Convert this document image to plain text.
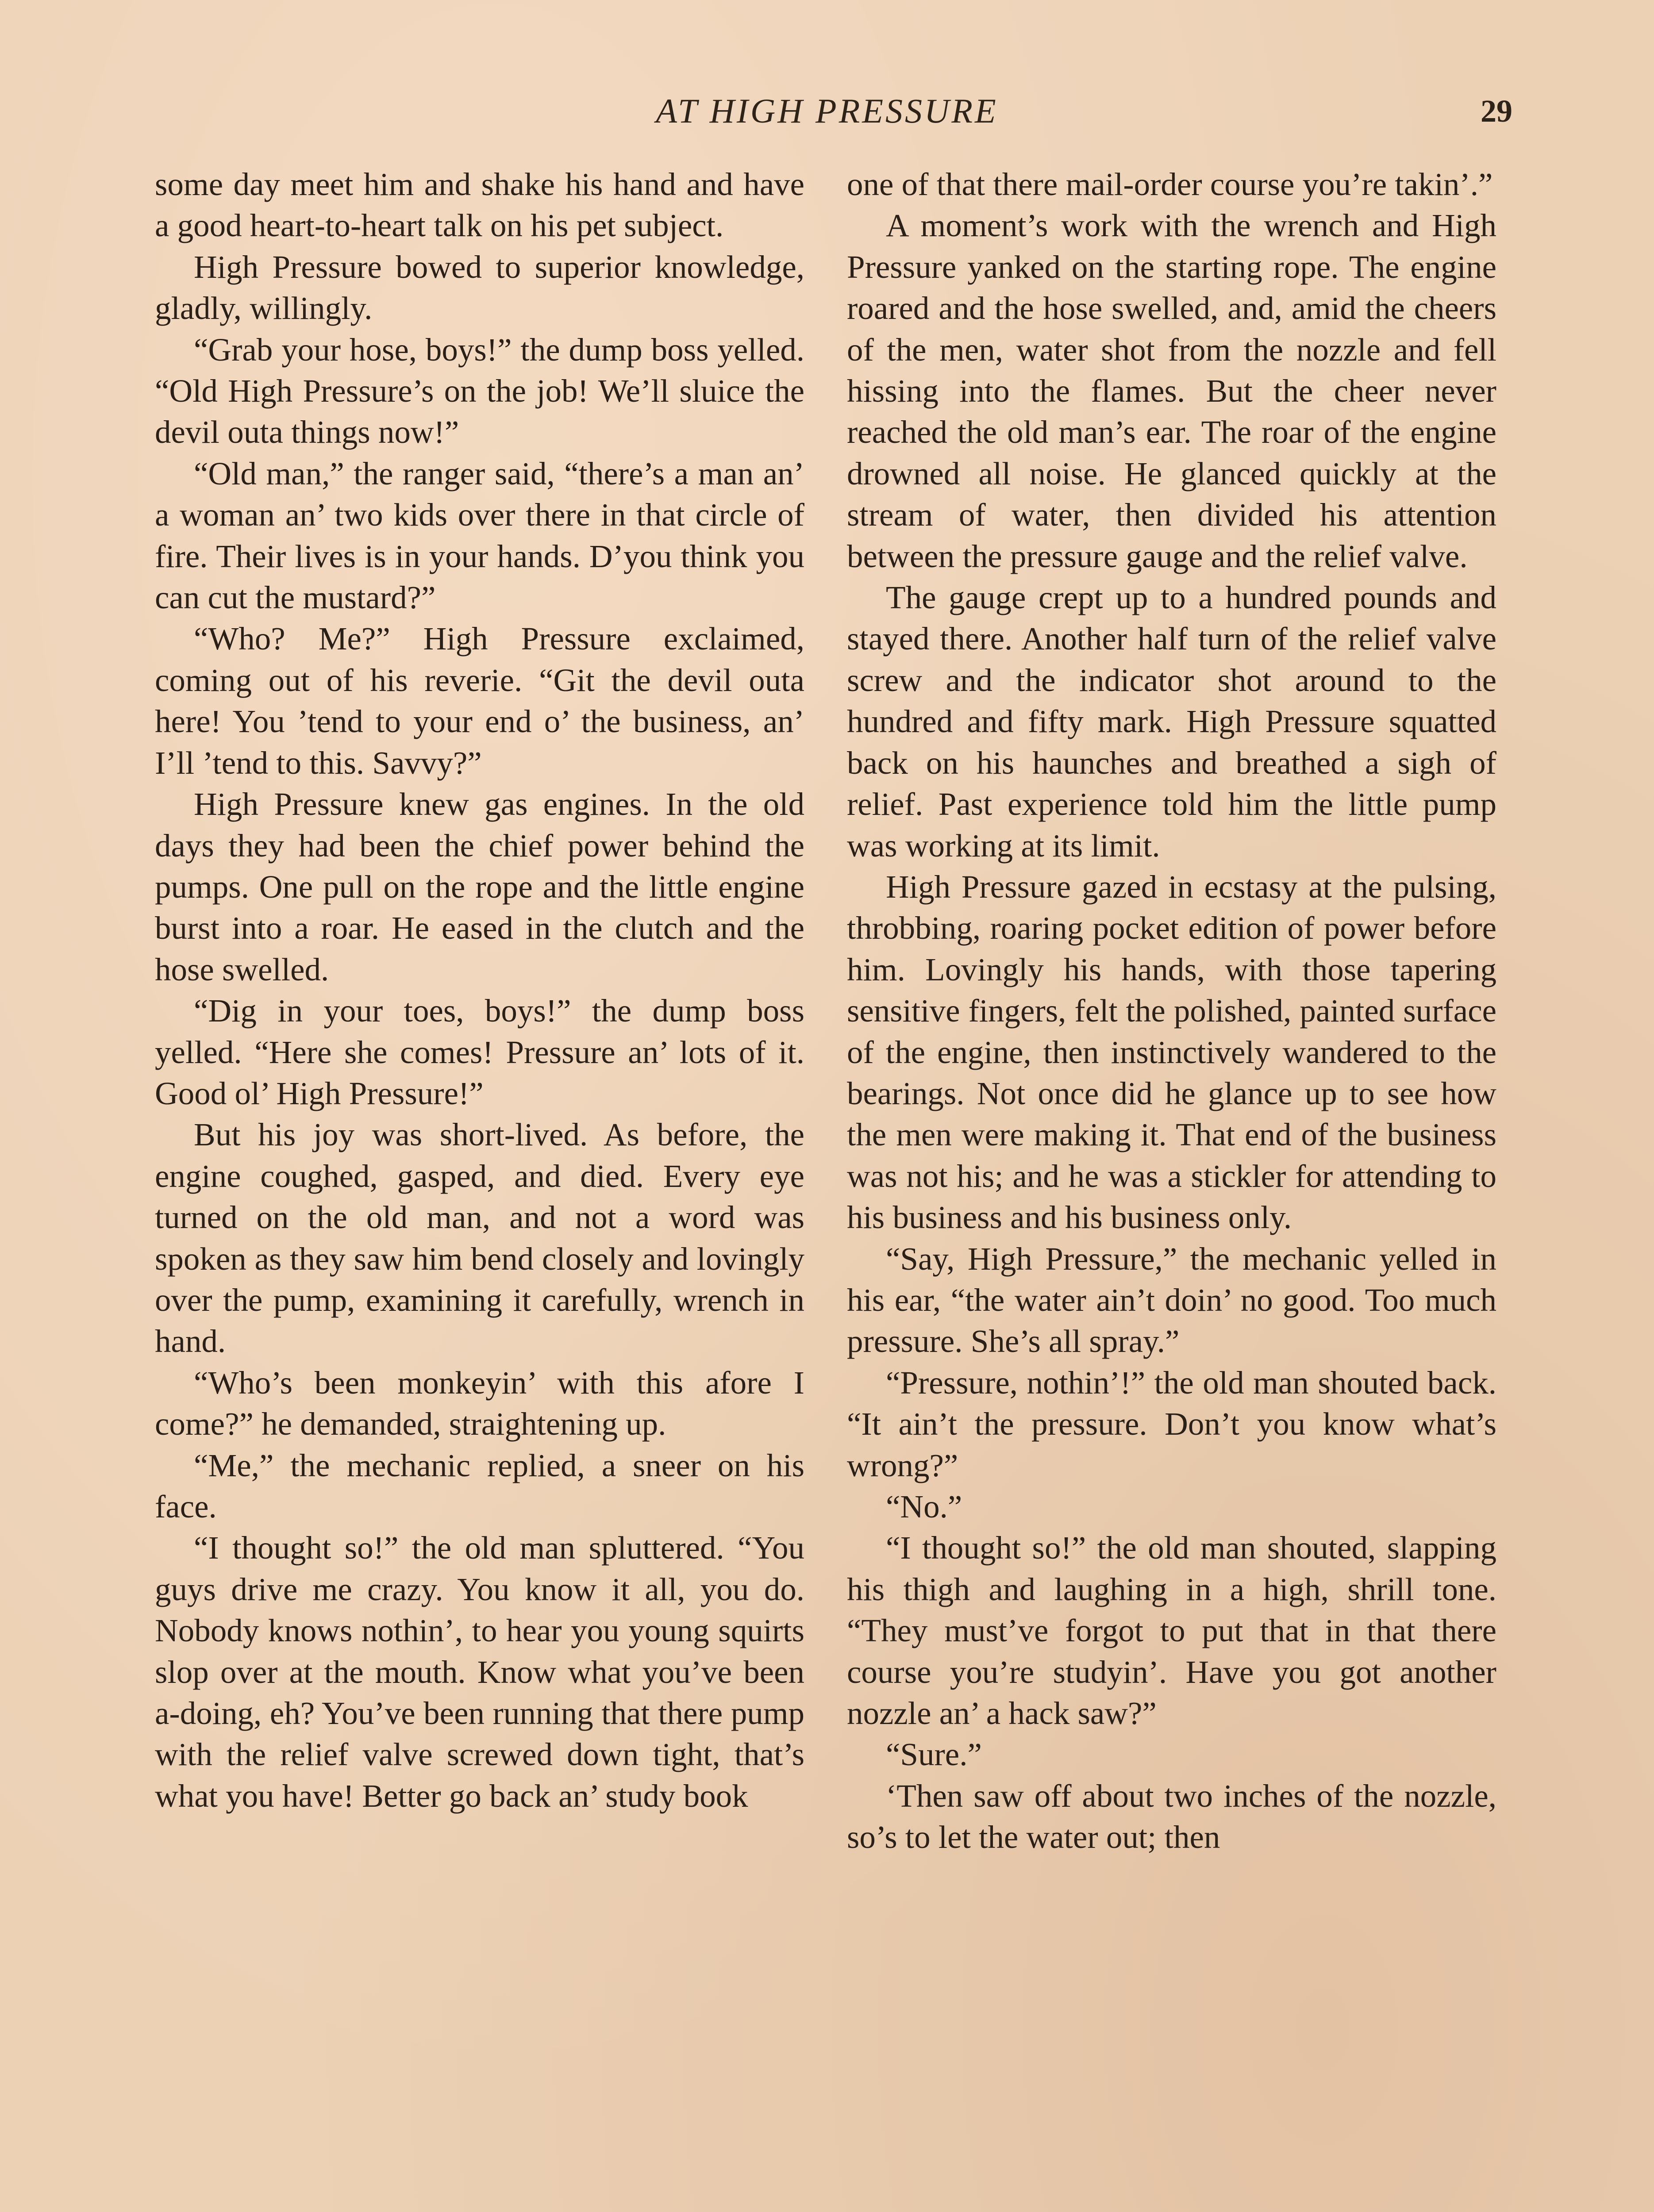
AT HIGH PRESSURE	29

some day meet him and shake his hand and have a good heart-to-heart talk on his pet subject.

High Pressure bowed to superior knowledge, gladly, willingly.

“Grab your hose, boys!” the dump boss yelled. “Old High Pressure’s on the job! We’ll sluice the devil outa things now!”

“Old man,” the ranger said, “there’s a man an’ a woman an’ two kids over there in that circle of fire. Their lives is in your hands. D’you think you can cut the mustard?”

“Who? Me?” High Pressure exclaimed, coming out of his reverie. “Git the devil outa here! You ’tend to your end o’ the business, an’ I’ll ’tend to this. Savvy?”

High Pressure knew gas engines. In the old days they had been the chief power behind the pumps. One pull on the rope and the little engine burst into a roar. He eased in the clutch and the hose swelled.

“Dig in your toes, boys!” the dump boss yelled. “Here she comes! Pressure an’ lots of it. Good ol’ High Pressure!”

But his joy was short-lived. As before, the engine coughed, gasped, and died. Every eye turned on the old man, and not a word was spoken as they saw him bend closely and lovingly over the pump, examining it carefully, wrench in hand.

“Who’s been monkeyin’ with this afore I come?” he demanded, straightening up.

“Me,” the mechanic replied, a sneer on his face.

“I thought so!” the old man spluttered. “You guys drive me crazy. You know it all, you do. Nobody knows nothin’, to hear you young squirts slop over at the mouth. Know what you’ve been a-doing, eh? You’ve been running that there pump with the relief valve screwed down tight, that’s what you have! Better go back an’ study book

one of that there mail-order course you’re takin’.”

A moment’s work with the wrench and High Pressure yanked on the starting rope. The engine roared and the hose swelled, and, amid the cheers of the men, water shot from the nozzle and fell hissing into the flames. But the cheer never reached the old man’s ear. The roar of the engine drowned all noise. He glanced quickly at the stream of water, then divided his attention between the pressure gauge and the relief valve.

The gauge crept up to a hundred pounds and stayed there. Another half turn of the relief valve screw and the indicator shot around to the hundred and fifty mark. High Pressure squatted back on his haunches and breathed a sigh of relief. Past experience told him the little pump was working at its limit.

High Pressure gazed in ecstasy at the pulsing, throbbing, roaring pocket edition of power before him. Lovingly his hands, with those tapering sensitive fingers, felt the polished, painted surface of the engine, then instinctively wandered to the bearings. Not once did he glance up to see how the men were making it. That end of the business was not his; and he was a stickler for attending to his business and his business only.

“Say, High Pressure,” the mechanic yelled in his ear, “the water ain’t doin’ no good. Too much pressure. She’s all spray.”

“Pressure, nothin’!” the old man shouted back. “It ain’t the pressure. Don’t you know what’s wrong?”

“No.”

“I thought so!” the old man shouted, slapping his thigh and laughing in a high, shrill tone. “They must’ve forgot to put that in that there course you’re studyin’. Have you got another nozzle an’ a hack saw?”

“Sure.”

‘Then saw off about two inches of the nozzle, so’s to let the water out; then
